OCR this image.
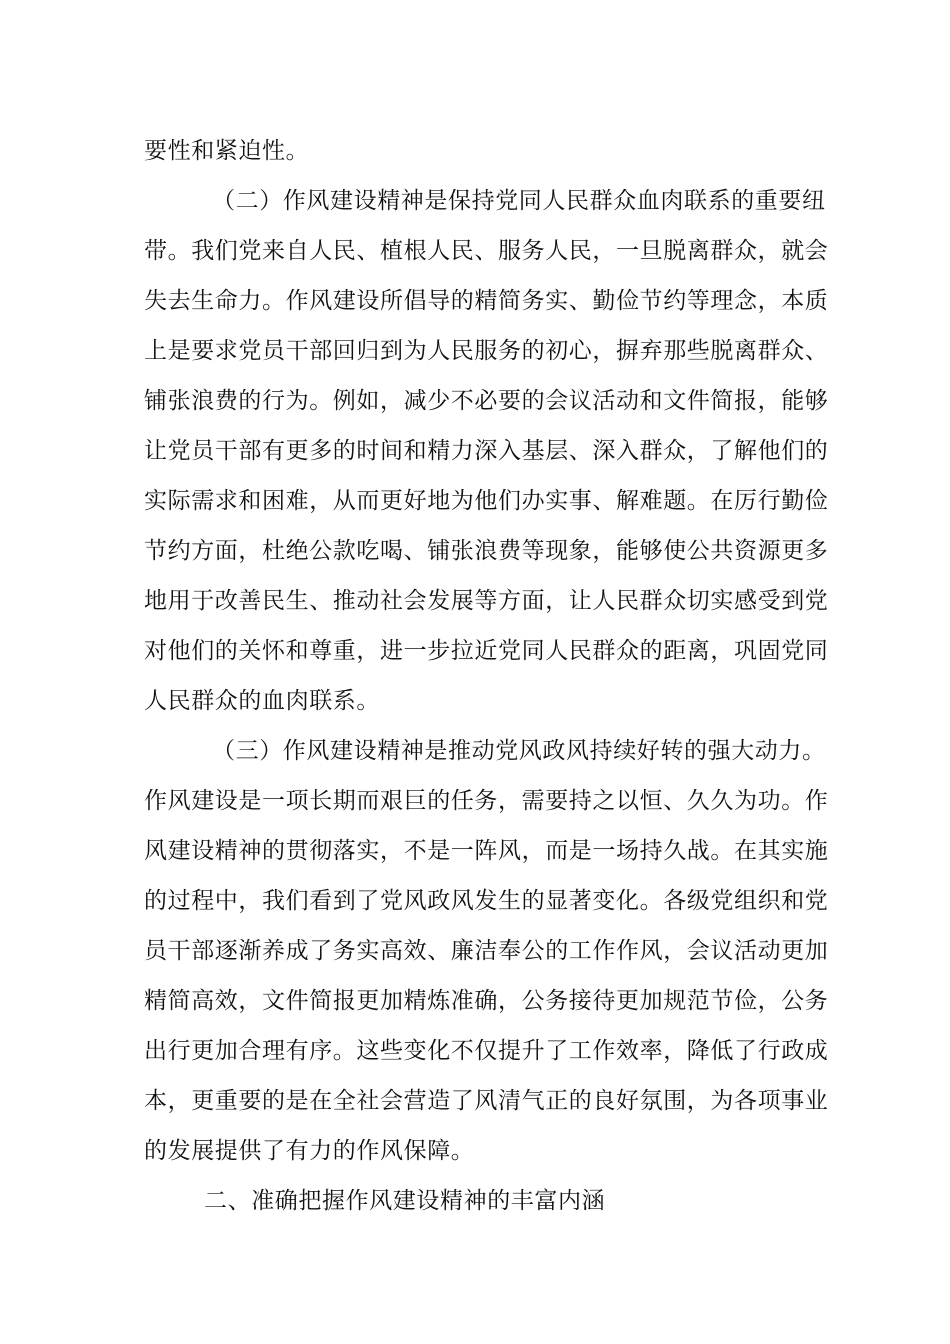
要性和紧迫性。

（二）作风建设精神是保持党同人民群众血肉联系的重要纽

带。我们党来自人民、植根人民、服务人民，一旦脱离群众，就会

失去生命力。作风建设所倡导的精简务实、勤俭节约等理念，本质

上是要求党员干部回归到为人民服务的初心，摒弃那些脱离群众、

铺张浪费的行为。例如，减少不必要的会议活动和文件简报，能够

让党员干部有更多的时间和精力深入基层、深入群众，了解他们的

实际需求和困难，从而更好地为他们办实事、解难题。在厉行勤俭

节约方面，杜绝公款吃喝、铺张浪费等现象，能够使公共资源更多

地用于改善民生、推动社会发展等方面，让人民群众切实感受到党

对他们的关怀和尊重，进一步拉近党同人民群众的距离，巩固党同

人民群众的血肉联系。

（三）作风建设精神是推动党风政风持续好转的强大动力。

作风建设是一项长期而艰巨的任务，需要持之以恒、久久为功。作

风建设精神的贯彻落实，不是一阵风，而是一场持久战。在其实施

的过程中，我们看到了党风政风发生的显著变化。各级党组织和党

员干部逐渐养成了务实高效、廉洁奉公的工作作风，会议活动更加

精简高效，文件简报更加精炼准确，公务接待更加规范节俭，公务

出行更加合理有序。这些变化不仅提升了工作效率，降低了行政成

本，更重要的是在全社会营造了风清气正的良好氛围，为各项事业

的发展提供了有力的作风保障。

二、准确把握作风建设精神的丰富内涵
